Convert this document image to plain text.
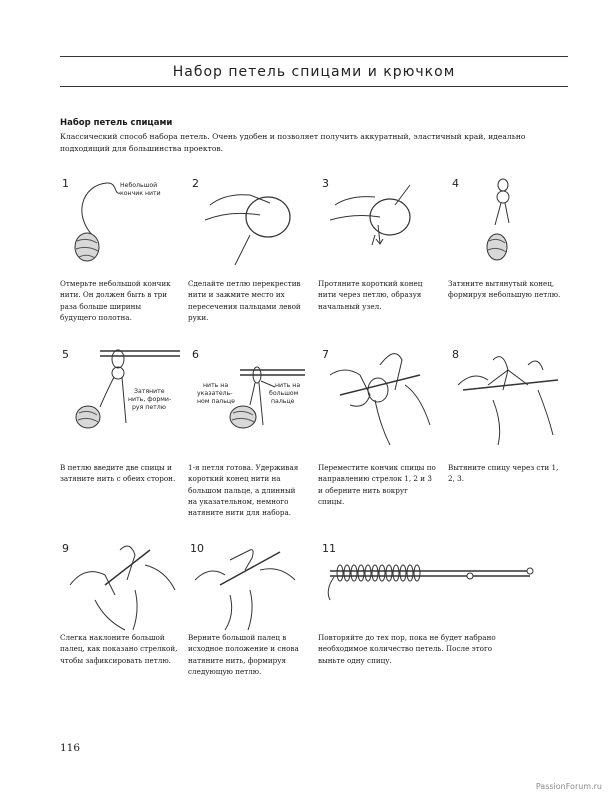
Набор петель спицами и крючком
Набор петель спицами
Классический способ набора петель. Очень удобен и позволяет получить аккуратный, эластичный край, идеально подходящий для большинства проектов.
1	Небольшой кончик нити
Отмерьте небольшой кончик нити. Он должен быть в три раза больше ширины будущего полотна.
2
Сделайте петлю перекрестив нити и зажмите место их пересечения пальцами левой руки.
3
Протяните короткий конец нити через петлю, образуя начальный узел.
4
Затяните вытянутый конец, формируя небольшую петлю.
5
Затяните нить, форми-руя петлю
В петлю введите две спицы и затяните нить с обеих сторон.
6
нить на указатель-ном пальце
нить на большом пальце
1-я петля готова. Удерживая короткий конец нити на большом пальце, а длинный на указательном, немного натяните нити для набора.
7
Переместите кончик спицы по направлению стрелок 1, 2 и 3 и оберните нить вокруг спицы.
8
Вытяните спицу через сти 1, 2, 3.
9
Слегка наклоните большой палец, как показано стрелкой, чтобы зафиксировать петлю.
10
Верните большой палец в исходное положение и снова натяните нить, формируя следующую петлю.
11
Повторяйте до тех пор, пока не будет набрано необходимое количество петель. После этого выньте одну спицу.
116
PassionForum.ru
